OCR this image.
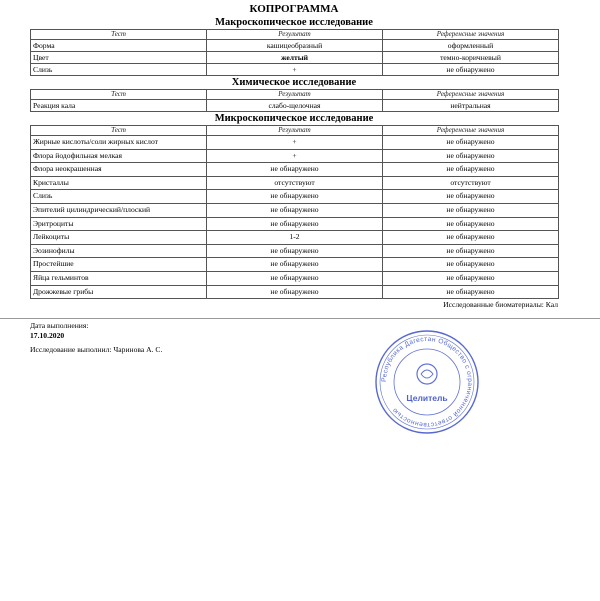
КОПРОГРАММА
Макроскопическое исследование
Тест	Результат	Референсные значения
Форма	кашицеобразный	оформленный
Цвет	желтый	темно-коричневый
Слизь	+	не обнаружено
Химическое исследование
Тест	Результат	Референсные значения
Реакция кала	слабо-щелочная	нейтральная
Микроскопическое исследование
Тест	Результат	Референсные значения
Жирные кислоты/соли жирных кислот	+	не обнаружено
Флора йодофильная мелкая	+	не обнаружено
Флора неокрашенная	не обнаружено	не обнаружено
Кристаллы	отсутствуют	отсутствуют
Слизь	не обнаружено	не обнаружено
Эпителий цилиндрический/плоский	не обнаружено	не обнаружено
Эритроциты	не обнаружено	не обнаружено
Лейкоциты	1-2	не обнаружено
Эозинофилы	не обнаружено	не обнаружено
Простейшие	не обнаружено	не обнаружено
Яйца гельминтов	не обнаружено	не обнаружено
Дрожжевые грибы	не обнаружено	не обнаружено
Исследованные биоматериалы: Кал
Дата выполнения:
17.10.2020
Исследование выполнил: Чаринова А. С.
Республика Дагестан Общество с ограниченной ответственностью
Целитель
